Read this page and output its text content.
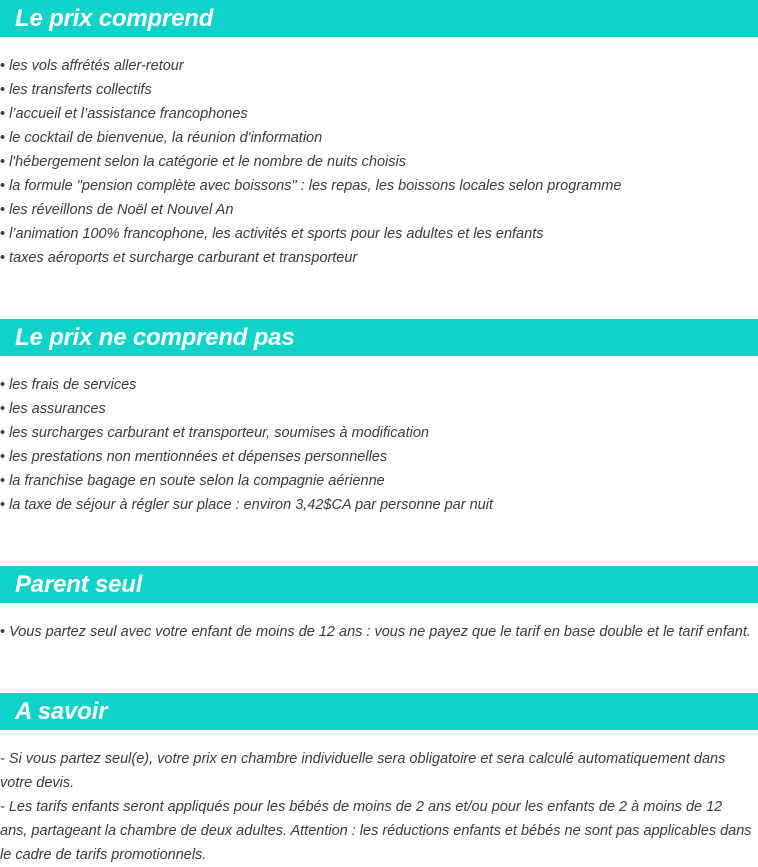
Le prix comprend
• les vols affrétés aller-retour
• les transferts collectifs
• l’accueil et l’assistance francophones
• le cocktail de bienvenue, la réunion d'information
• l'hébergement selon la catégorie et le nombre de nuits choisis
• la formule "pension complète avec boissons" : les repas, les boissons locales selon programme
• les réveillons de Noël et Nouvel An
• l’animation 100% francophone, les activités et sports pour les adultes et les enfants
• taxes aéroports et surcharge carburant et transporteur
Le prix ne comprend pas
• les frais de services
• les assurances
• les surcharges carburant et transporteur, soumises à modification
• les prestations non mentionnées et dépenses personnelles
• la franchise bagage en soute selon la compagnie aérienne
• la taxe de séjour à régler sur place : environ 3,42$CA par personne par nuit
Parent seul
• Vous partez seul avec votre enfant de moins de 12 ans : vous ne payez que le tarif en base double et le tarif enfant.
A savoir

- Si vous partez seul(e), votre prix en chambre individuelle sera obligatoire et sera calculé automatiquement dans votre devis.

- Les tarifs enfants seront appliqués pour les bébés de moins de 2 ans et/ou pour les enfants de 2 à moins de 12 ans, partageant la chambre de deux adultes. Attention : les réductions enfants et bébés ne sont pas applicables dans le cadre de tarifs promotionnels.
